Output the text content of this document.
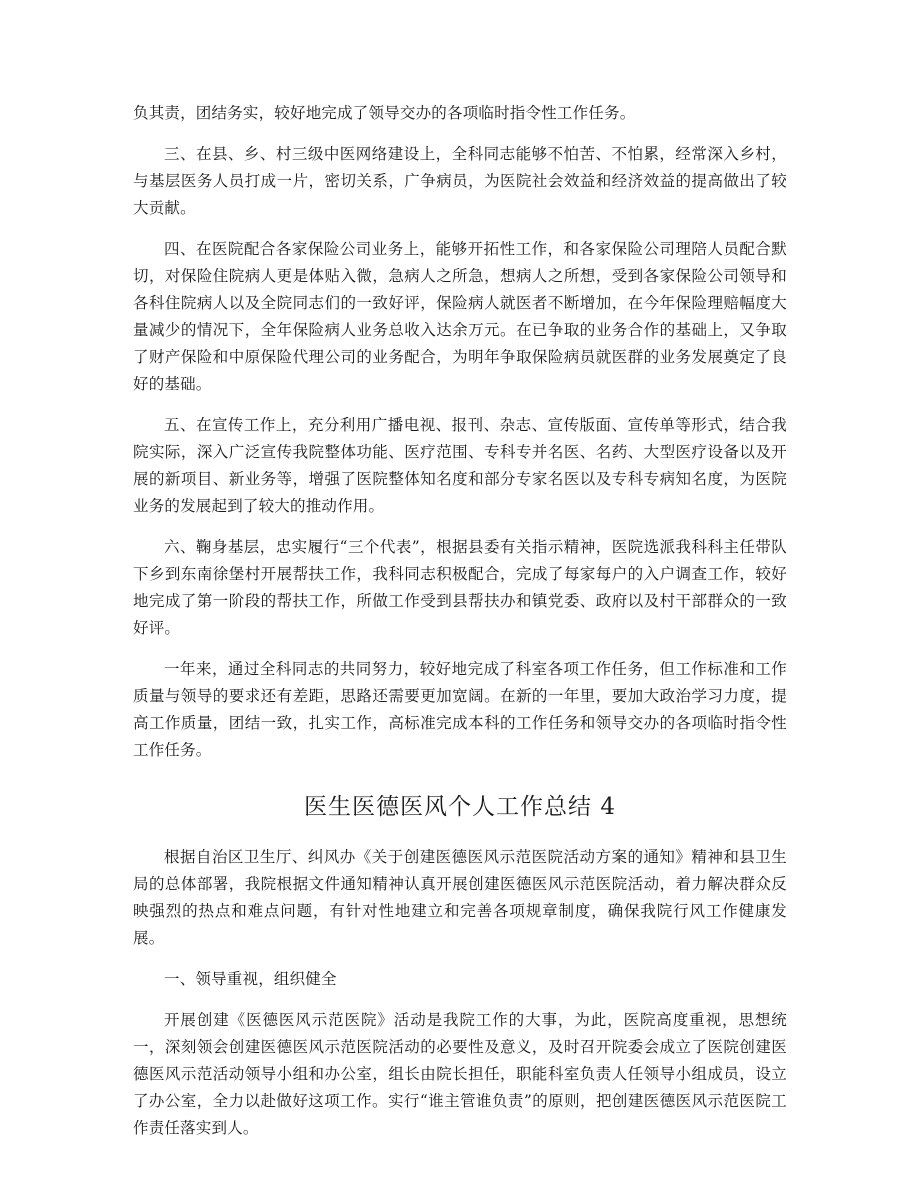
负其责，团结务实，较好地完成了领导交办的各项临时指令性工作任务。

三、在县、乡、村三级中医网络建设上，全科同志能够不怕苦、不怕累，经常深入乡村，与基层医务人员打成一片，密切关系，广争病员，为医院社会效益和经济效益的提高做出了较大贡献。

四、在医院配合各家保险公司业务上，能够开拓性工作，和各家保险公司理陪人员配合默切，对保险住院病人更是体贴入微，急病人之所急，想病人之所想，受到各家保险公司领导和各科住院病人以及全院同志们的一致好评，保险病人就医者不断增加，在今年保险理赔幅度大量减少的情况下，全年保险病人业务总收入达余万元。在已争取的业务合作的基础上，又争取了财产保险和中原保险代理公司的业务配合，为明年争取保险病员就医群的业务发展奠定了良好的基础。

五、在宣传工作上，充分利用广播电视、报刊、杂志、宣传版面、宣传单等形式，结合我院实际，深入广泛宣传我院整体功能、医疗范围、专科专并名医、名药、大型医疗设备以及开展的新项目、新业务等，增强了医院整体知名度和部分专家名医以及专科专病知名度，为医院业务的发展起到了较大的推动作用。

六、鞠身基层，忠实履行“三个代表”，根据县委有关指示精神，医院选派我科科主任带队下乡到东南徐堡村开展帮扶工作，我科同志积极配合，完成了每家每户的入户调查工作，较好地完成了第一阶段的帮扶工作，所做工作受到县帮扶办和镇党委、政府以及村干部群众的一致好评。

一年来，通过全科同志的共同努力，较好地完成了科室各项工作任务，但工作标准和工作质量与领导的要求还有差距，思路还需要更加宽阔。在新的一年里，要加大政治学习力度，提高工作质量，团结一致，扎实工作，高标准完成本科的工作任务和领导交办的各项临时指令性工作任务。

医生医德医风个人工作总结 4

根据自治区卫生厅、纠风办《关于创建医德医风示范医院活动方案的通知》精神和县卫生局的总体部署，我院根据文件通知精神认真开展创建医德医风示范医院活动，着力解决群众反映强烈的热点和难点问题，有针对性地建立和完善各项规章制度，确保我院行风工作健康发展。

一、领导重视，组织健全

开展创建《医德医风示范医院》活动是我院工作的大事，为此，医院高度重视，思想统一，深刻领会创建医德医风示范医院活动的必要性及意义，及时召开院委会成立了医院创建医德医风示范活动领导小组和办公室，组长由院长担任，职能科室负责人任领导小组成员，设立了办公室，全力以赴做好这项工作。实行“谁主管谁负责”的原则，把创建医德医风示范医院工作责任落实到人。
